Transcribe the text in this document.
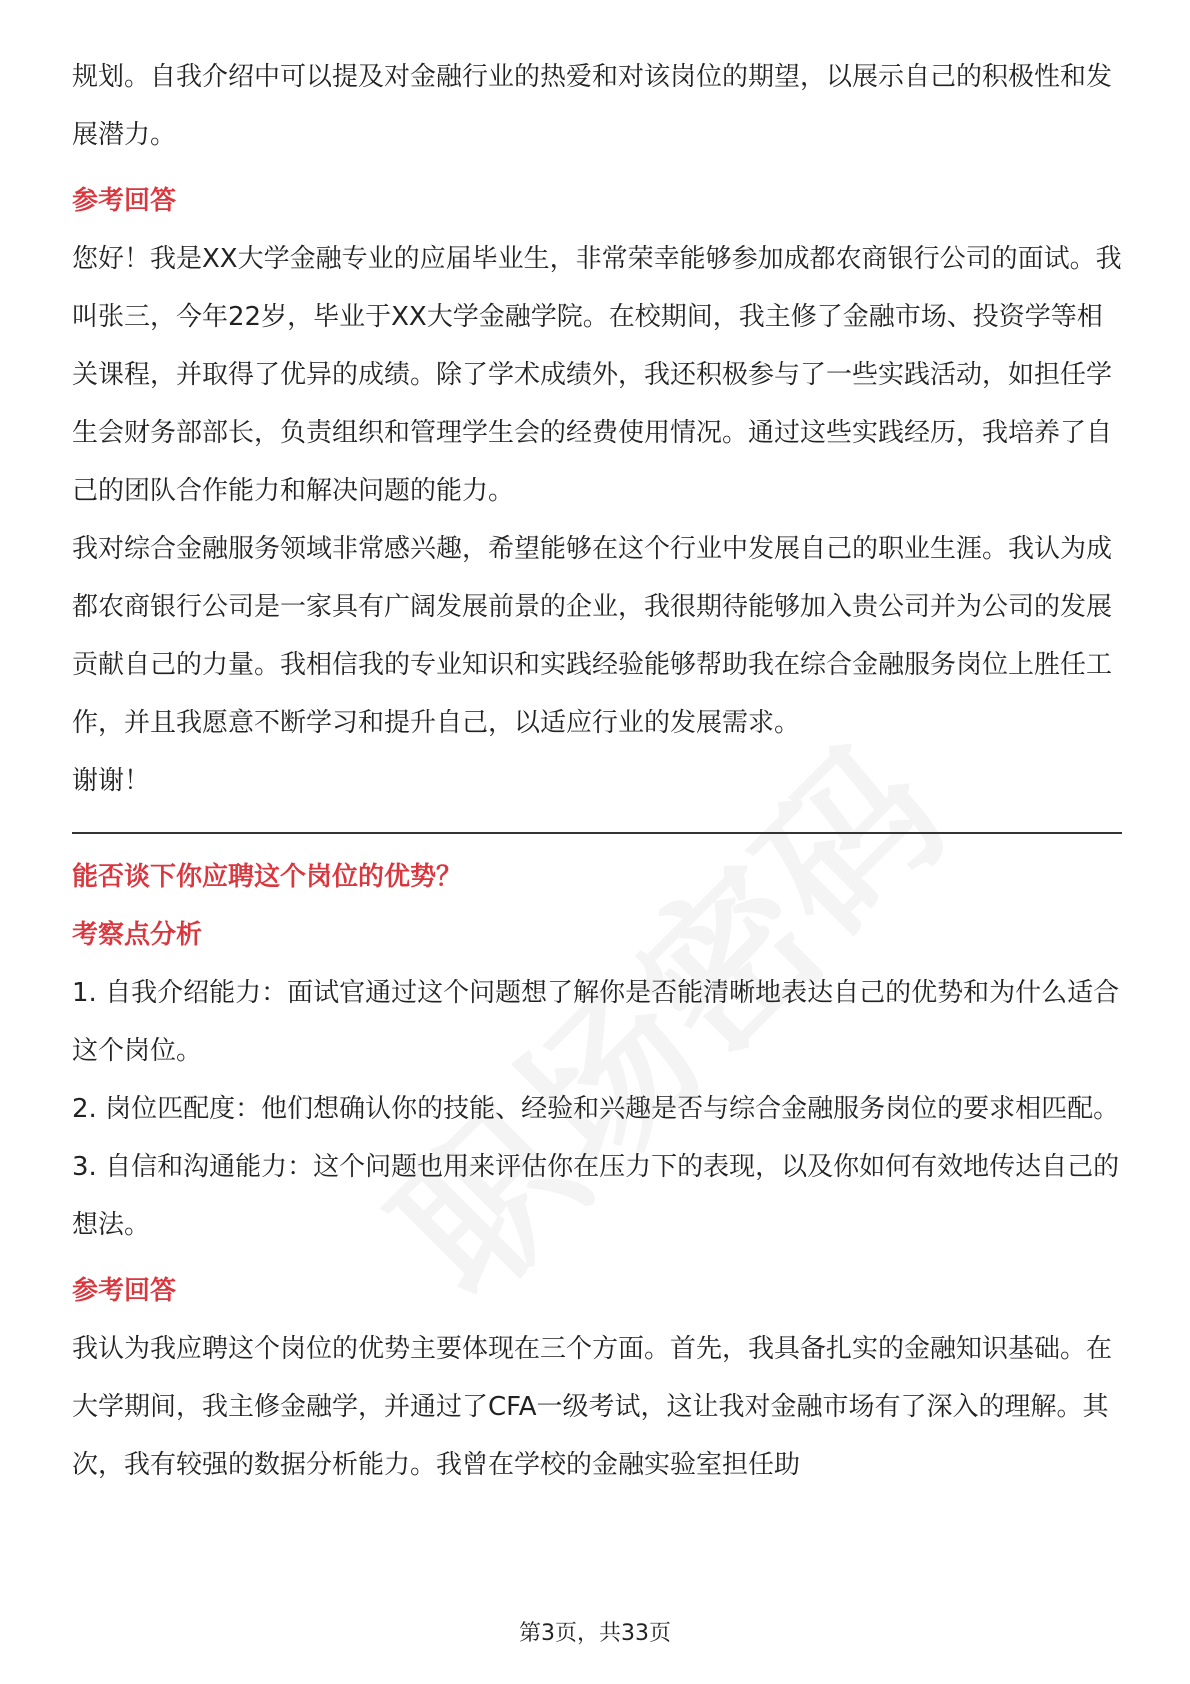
规划。自我介绍中可以提及对金融行业的热爱和对该岗位的期望，以展示自己的积极性和发展潜力。

参考回答

您好！我是XX大学金融专业的应届毕业生，非常荣幸能够参加成都农商银行公司的面试。我叫张三，今年22岁，毕业于XX大学金融学院。在校期间，我主修了金融市场、投资学等相关课程，并取得了优异的成绩。除了学术成绩外，我还积极参与了一些实践活动，如担任学生会财务部部长，负责组织和管理学生会的经费使用情况。通过这些实践经历，我培养了自己的团队合作能力和解决问题的能力。

我对综合金融服务领域非常感兴趣，希望能够在这个行业中发展自己的职业生涯。我认为成都农商银行公司是一家具有广阔发展前景的企业，我很期待能够加入贵公司并为公司的发展贡献自己的力量。我相信我的专业知识和实践经验能够帮助我在综合金融服务岗位上胜任工作，并且我愿意不断学习和提升自己，以适应行业的发展需求。

谢谢！

能否谈下你应聘这个岗位的优势？

考察点分析

1. 自我介绍能力：面试官通过这个问题想了解你是否能清晰地表达自己的优势和为什么适合这个岗位。

2. 岗位匹配度：他们想确认你的技能、经验和兴趣是否与综合金融服务岗位的要求相匹配。

3. 自信和沟通能力：这个问题也用来评估你在压力下的表现，以及你如何有效地传达自己的想法。

参考回答

我认为我应聘这个岗位的优势主要体现在三个方面。首先，我具备扎实的金融知识基础。在大学期间，我主修金融学，并通过了CFA一级考试，这让我对金融市场有了深入的理解。其次，我有较强的数据分析能力。我曾在学校的金融实验室担任助

第3页，共33页
